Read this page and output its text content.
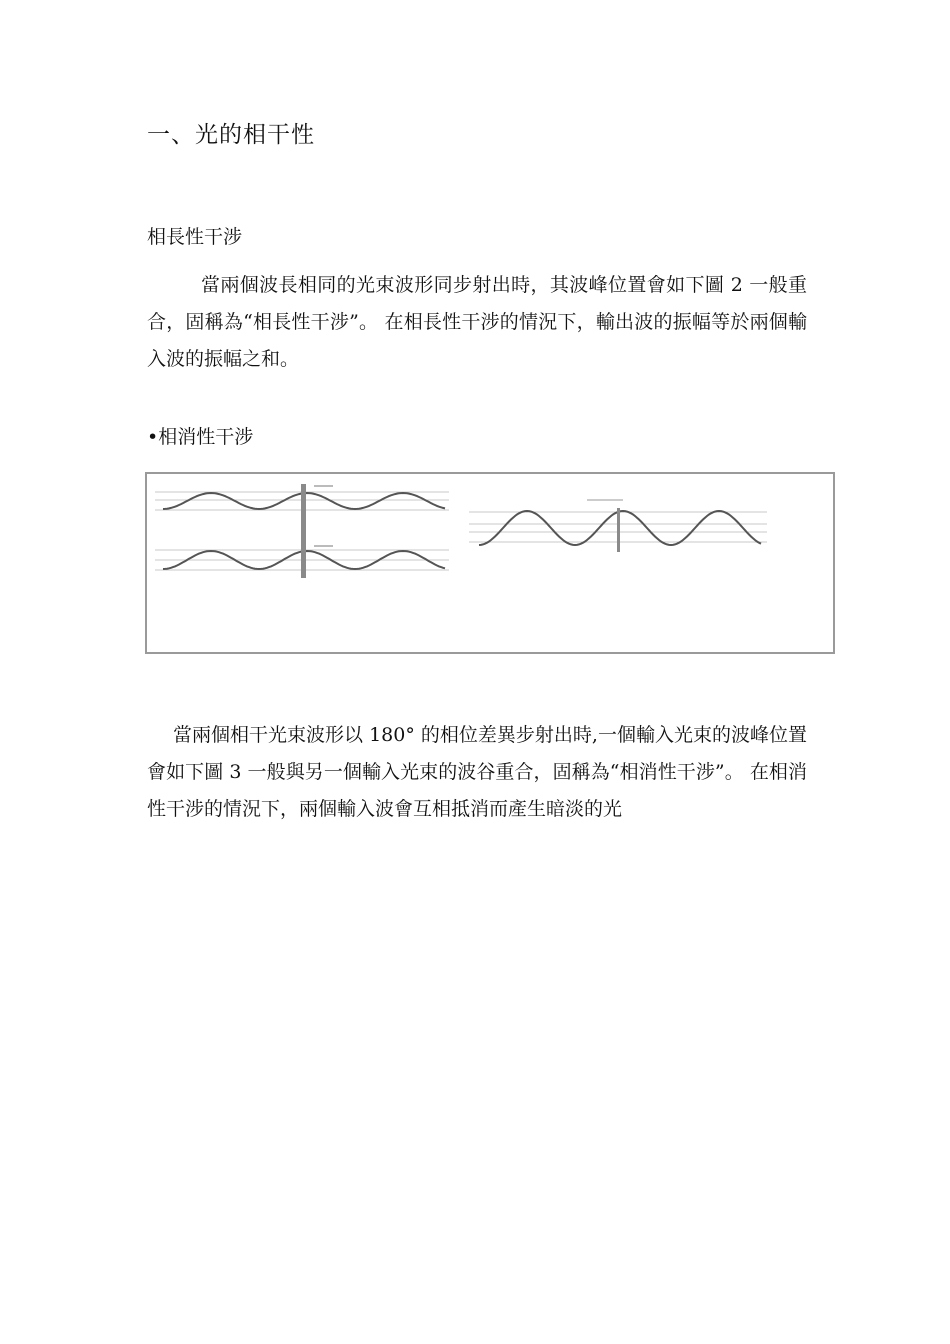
一、光的相干性

相長性干涉

當兩個波長相同的光束波形同步射出時，其波峰位置會如下圖 2 一般重合，固稱為“相長性干涉”。 在相長性干涉的情況下，輸出波的振幅等於兩個輸入波的振幅之和。

•相消性干涉

當兩個相干光束波形以 180° 的相位差異步射出時,一個輸入光束的波峰位置會如下圖 3 一般與另一個輸入光束的波谷重合，固稱為“相消性干涉”。 在相消性干涉的情況下，兩個輸入波會互相抵消而產生暗淡的光
